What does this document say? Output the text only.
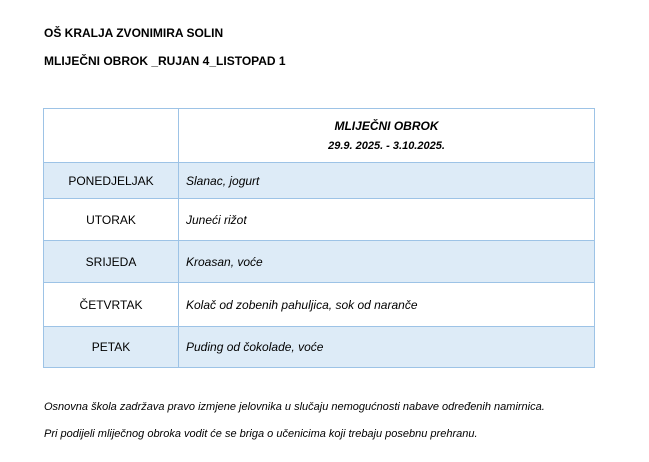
OŠ KRALJA ZVONIMIRA SOLIN
MLIJEČNI OBROK _RUJAN 4_LISTOPAD 1

	MLIJEČNI OBROK
29.9. 2025. - 3.10.2025.

PONEDJELJAK	Slanac, jogurt
UTORAK	Juneći rižot
SRIJEDA	Kroasan, voće
ČETVRTAK	Kolač od zobenih pahuljica, sok od naranče
PETAK	Puding od čokolade, voće
Osnovna škola zadržava pravo izmjene jelovnika u slučaju nemogućnosti nabave određenih namirnica.
Pri podijeli mliječnog obroka vodit će se briga o učenicima koji trebaju posebnu prehranu.
